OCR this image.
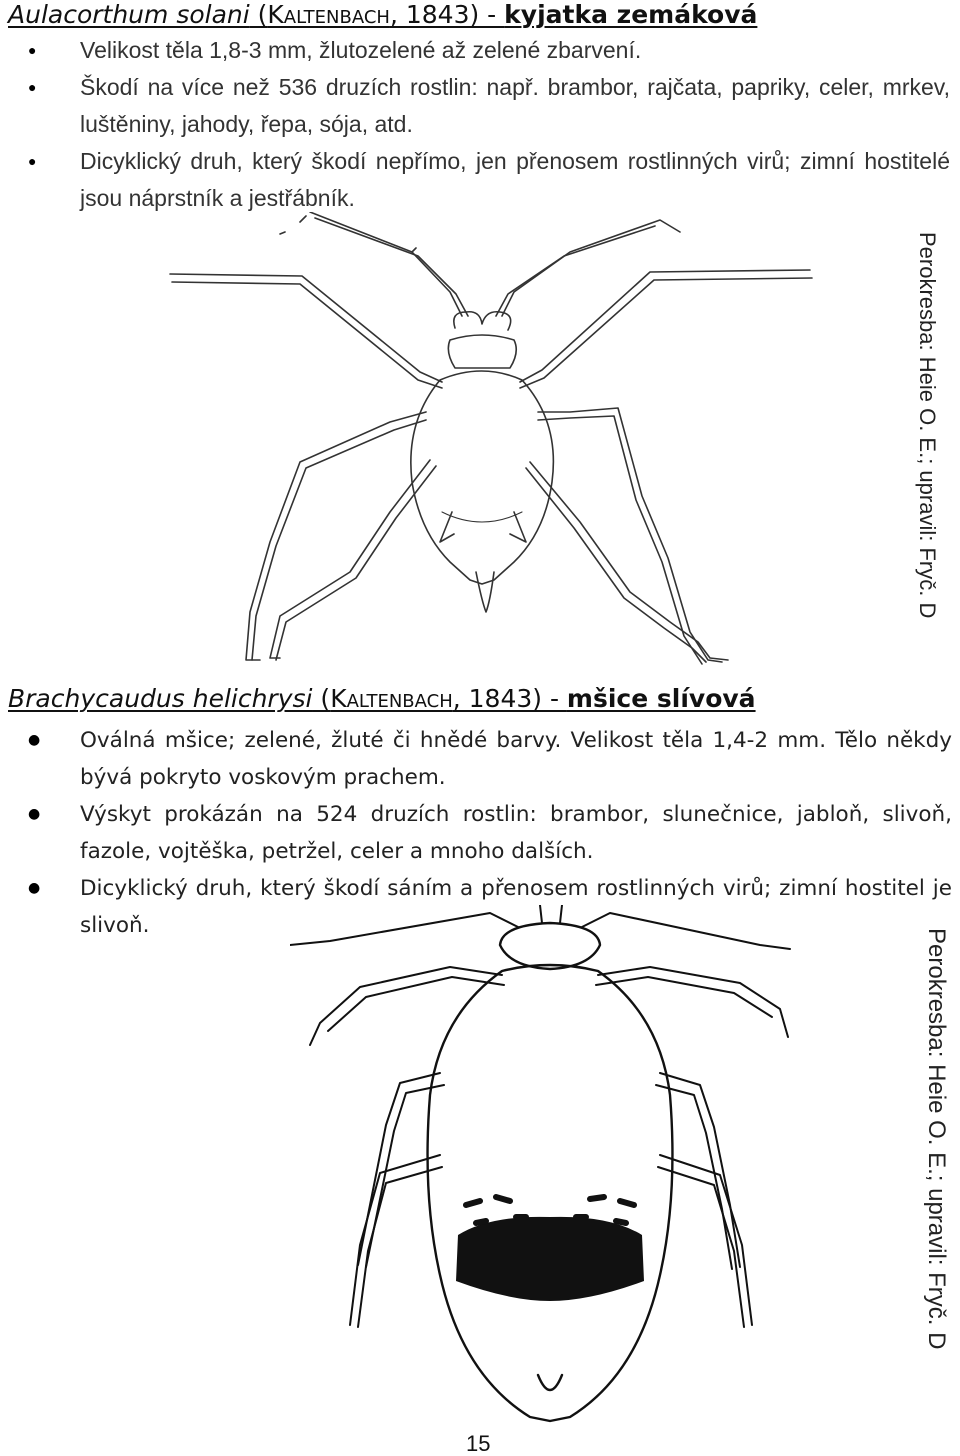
Aulacorthum solani (Kaltenbach, 1843) - kyjatka zemáková
● Velikost těla 1,8-3 mm, žlutozelené až zelené zbarvení.
● Škodí na více než 536 druzích rostlin: např. brambor, rajčata, papriky, celer, mrkev, luštěniny, jahody, řepa, sója, atd.
● Dicyklický druh, který škodí nepřímo, jen přenosem rostlinných virů; zimní hostitelé jsou náprstník a jestřábník.
Perokresba: Heie O. E.; upravil: Fryč. D
Brachycaudus helichrysi (Kaltenbach, 1843) - mšice slívová
● Oválná mšice; zelené, žluté či hnědé barvy. Velikost těla 1,4-2 mm. Tělo někdy bývá pokryto voskovým prachem.
● Výskyt prokázán na 524 druzích rostlin: brambor, slunečnice, jabloň, slivoň, fazole, vojtěška, petržel, celer a mnoho dalších.
● Dicyklický druh, který škodí sáním a přenosem rostlinných virů; zimní hostitel je slivoň.
Perokresba: Heie O. E.; upravil: Fryč. D
15
